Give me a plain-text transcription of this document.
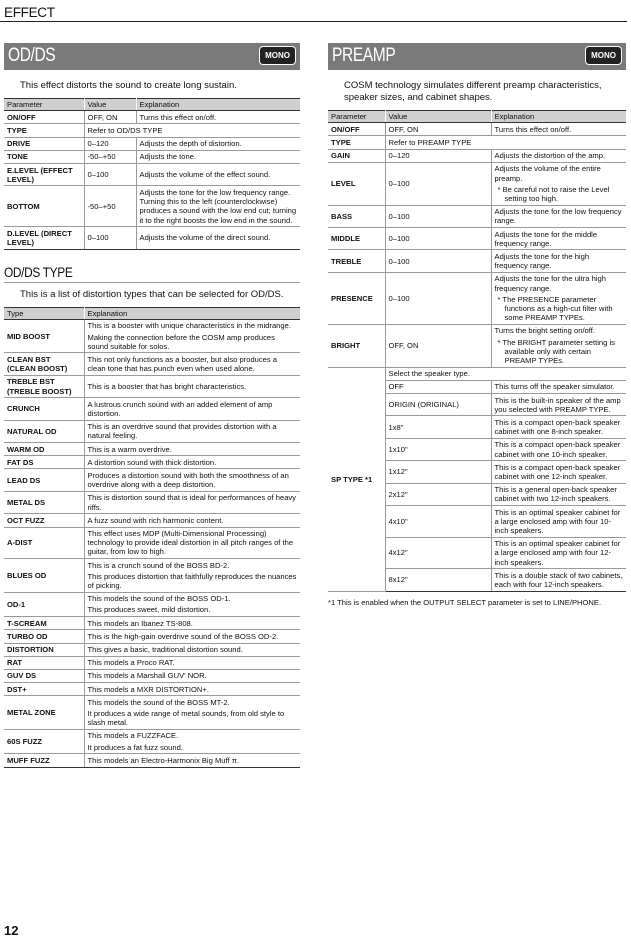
EFFECT
OD/DS	MONO
This effect distorts the sound to create long sustain.
Parameter	Value	Explanation
ON/OFF	OFF, ON	Turns this effect on/off.

TYPE	Refer to OD/DS TYPE	
DRIVE	0–120	Adjusts the depth of distortion.

TONE	-50–+50	Adjusts the tone.

E.LEVEL (EFFECT LEVEL)	0–100	Adjusts the volume of the effect sound.

BOTTOM	-50–+50	Adjusts the tone for the low frequency range. Turning this to the left (counterclockwise) produces a sound with the low end cut; turning it to the right boosts the low end in the sound.

D.LEVEL (DIRECT LEVEL)	0–100	Adjusts the volume of the direct sound.
OD/DS TYPE
This is a list of distortion types that can be selected for OD/DS.
Type	Explanation
MID BOOST	This is a booster with unique characteristics in the midrange.
Making the connection before the COSM amp produces sound suitable for solos.

CLEAN BST (CLEAN BOOST)	This not only functions as a booster, but also produces a clean tone that has punch even when used alone.

TREBLE BST (TREBLE BOOST)	This is a booster that has bright characteristics.

CRUNCH	A lustrous crunch sound with an added element of amp distortion.

NATURAL OD	This is an overdrive sound that provides distortion with a natural feeling.

WARM OD	This is a warm overdrive.

FAT DS	A distortion sound with thick distortion.

LEAD DS	Produces a distortion sound with both the smoothness of an overdrive along with a deep distortion.

METAL DS	This is distortion sound that is ideal for performances of heavy riffs.

OCT FUZZ	A fuzz sound with rich harmonic content.

A-DIST	This effect uses MDP (Multi-Dimensional Processing) technology to provide ideal distortion in all pitch ranges of the guitar, from low to high.

BLUES OD	This is a crunch sound of the BOSS BD-2.
This produces distortion that faithfully reproduces the nuances of picking.

OD-1	This models the sound of the BOSS OD-1.
This produces sweet, mild distortion.

T-SCREAM	This models an Ibanez TS-808.

TURBO OD	This is the high-gain overdrive sound of the BOSS OD-2.

DISTORTION	This gives a basic, traditional distortion sound.

RAT	This models a Proco RAT.

GUV DS	This models a Marshall GUV' NOR.

DST+	This models a MXR DISTORTION+.

METAL ZONE	This models the sound of the BOSS MT-2.
It produces a wide range of metal sounds, from old style to slash metal.

60S FUZZ	This models a FUZZFACE.
It produces a fat fuzz sound.

MUFF FUZZ	This models an Electro-Harmonix Big Muff π.
PREAMP	MONO
COSM technology simulates different preamp characteristics, speaker sizes, and cabinet shapes.
Parameter	Value	Explanation
ON/OFF	OFF, ON	Turns this effect on/off.

TYPE	Refer to PREAMP TYPE	
GAIN	0–120	Adjusts the distortion of the amp.

LEVEL	0–100	Adjusts the volume of the entire preamp.
* Be careful not to raise the Level setting too high.

BASS	0–100	Adjusts the tone for the low frequency range.

MIDDLE	0–100	Adjusts the tone for the middle frequency range.

TREBLE	0–100	Adjusts the tone for the high frequency range.

PRESENCE	0–100	Adjusts the tone for the ultra high frequency range.
* The PRESENCE parameter functions as a high-cut filter with some PREAMP TYPEs.

BRIGHT	OFF, ON	Turns the bright setting on/off.
* The BRIGHT parameter setting is available only with certain PREAMP TYPEs.

SP TYPE *1	Select the speaker type.	
	OFF	This turns off the speaker simulator.
	ORIGIN (ORIGINAL)	This is the built-in speaker of the amp you selected with PREAMP TYPE.
	1x8"	This is a compact open-back speaker cabinet with one 8-inch speaker.
	1x10"	This is a compact open-back speaker cabinet with one 10-inch speaker.
	1x12"	This is a compact open-back speaker cabinet with one 12-inch speaker.
	2x12"	This is a general open-back speaker cabinet with two 12-inch speakers.
	4x10"	This is an optimal speaker cabinet for a large enclosed amp with four 10-inch speakers.
	4x12"	This is an optimal speaker cabinet for a large enclosed amp with four 12-inch speakers.
	8x12"	This is a double stack of two cabinets, each with four 12-inch speakers.
*1 This is enabled when the OUTPUT SELECT parameter is set to LINE/PHONE.
12
